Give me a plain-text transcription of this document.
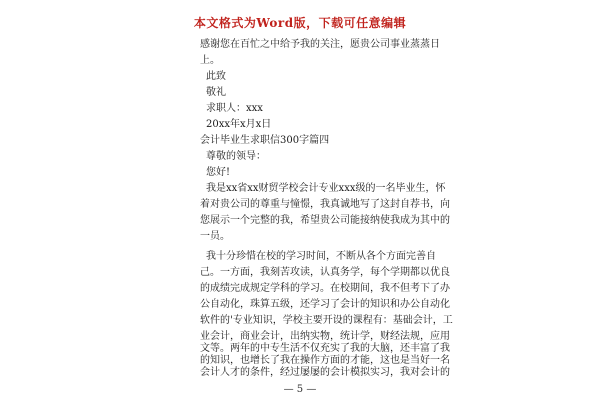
本文格式为Word版，下载可任意编辑
感谢您在百忙之中给予我的关注，愿贵公司事业蒸蒸日
上。
此致
敬礼
求职人：xxx
20xx年x月x日
会计毕业生求职信300字篇四
尊敬的领导：
您好!
我是xx省xx财贸学校会计专业xxx级的一名毕业生，怀
着对贵公司的尊重与憧憬，我真诚地写了这封自荐书，向
您展示一个完整的我，希望贵公司能接纳使我成为其中的
一员。
我十分珍惜在校的学习时间，不断从各个方面完善自
己。一方面，我刻苦攻读，认真务学，每个学期都以优良
的成绩完成规定学科的学习。在校期间，我不但考下了办
公自动化，珠算五级，还学习了会计的知识和办公自动化
软件的'专业知识，学校主要开设的课程有：基础会计，工
业会计，商业会计，出纳实物，统计学，财经法规，应用
文等。两年的中专生活不仅充实了我的大脑，还丰富了我
的知识，也增长了我在操作方面的才能，这也是当好一名
会计人才的条件，经过屡屡的会计模拟实习，我对会计的
— 5 —
